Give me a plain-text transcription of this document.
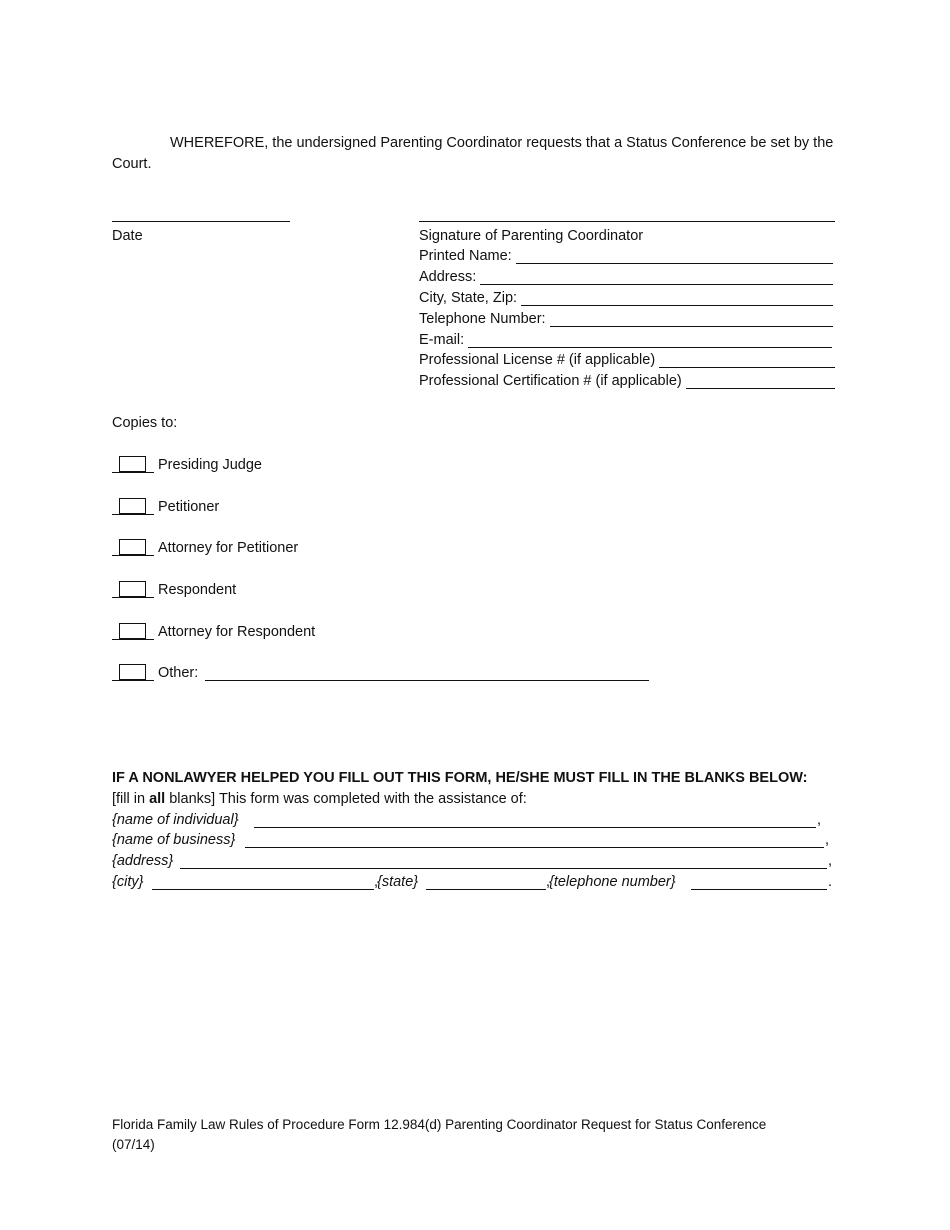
WHEREFORE, the undersigned Parenting Coordinator requests that a Status Conference be set by the Court.
Date	Signature of Parenting Coordinator
Printed Name:
Address:
City, State, Zip:
Telephone Number:
E-mail:
Professional License # (if applicable)
Professional Certification # (if applicable)
Copies to:
Presiding Judge
Petitioner
Attorney for Petitioner
Respondent
Attorney for Respondent
Other:
IF A NONLAWYER HELPED YOU FILL OUT THIS FORM, HE/SHE MUST FILL IN THE BLANKS BELOW:
[fill in all blanks] This form was completed with the assistance of:
{name of individual}	,
{name of business}	,
{address}	,
{city}	,
{state}	,
{telephone number}	.
Florida Family Law Rules of Procedure Form 12.984(d) Parenting Coordinator Request for Status Conference
(07/14)
